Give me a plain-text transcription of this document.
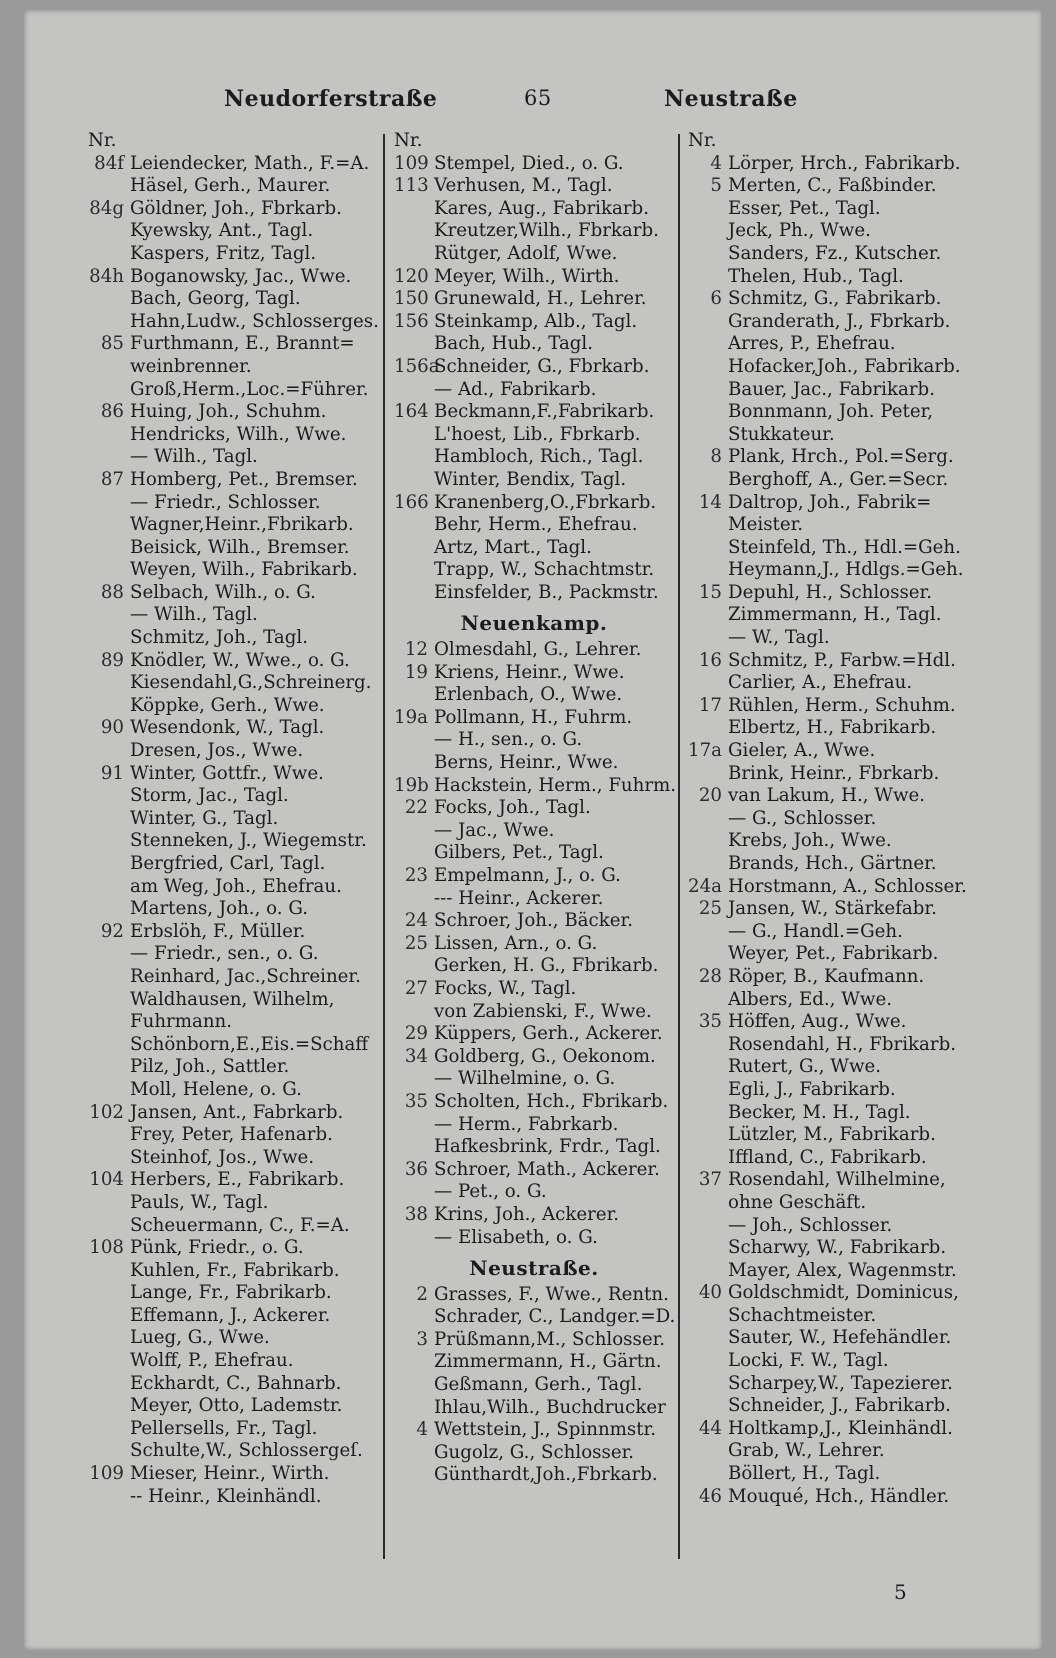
Neudorferstraße	65	Neustraße
Nr.
84f Leiendecker, Math., F.=A.
Häsel, Gerh., Maurer.
84g Göldner, Joh., Fbrkarb.
Kyewsky, Ant., Tagl.
Kaspers, Fritz, Tagl.
84h Boganowsky, Jac., Wwe.
Bach, Georg, Tagl.
Hahn,Ludw., Schlosserges.
85 Furthmann, E., Brannt=
weinbrenner.
Groß,Herm.,Loc.=Führer.
86 Huing, Joh., Schuhm.
Hendricks, Wilh., Wwe.
— Wilh., Tagl.
87 Homberg, Pet., Bremser.
— Friedr., Schlosser.
Wagner,Heinr.,Fbrikarb.
Beisick, Wilh., Bremser.
Weyen, Wilh., Fabrikarb.
88 Selbach, Wilh., o. G.
— Wilh., Tagl.
Schmitz, Joh., Tagl.
89 Knödler, W., Wwe., o. G.
Kiesendahl,G.,Schreinerg.
Köppke, Gerh., Wwe.
90 Wesendonk, W., Tagl.
Dresen, Jos., Wwe.
91 Winter, Gottfr., Wwe.
Storm, Jac., Tagl.
Winter, G., Tagl.
Stenneken, J., Wiegemstr.
Bergfried, Carl, Tagl.
am Weg, Joh., Ehefrau.
Martens, Joh., o. G.
92 Erbslöh, F., Müller.
— Friedr., sen., o. G.
Reinhard, Jac.,Schreiner.
Waldhausen, Wilhelm,
Fuhrmann.
Schönborn,E.,Eis.=Schaff
Pilz, Joh., Sattler.
Moll, Helene, o. G.
102 Jansen, Ant., Fabrkarb.
Frey, Peter, Hafenarb.
Steinhof, Jos., Wwe.
104 Herbers, E., Fabrikarb.
Pauls, W., Tagl.
Scheuermann, C., F.=A.
108 Pünk, Friedr., o. G.
Kuhlen, Fr., Fabrikarb.
Lange, Fr., Fabrikarb.
Effemann, J., Ackerer.
Lueg, G., Wwe.
Wolff, P., Ehefrau.
Eckhardt, C., Bahnarb.
Meyer, Otto, Lademstr.
Pellersells, Fr., Tagl.
Schulte,W., Schlossergeſ.
109 Mieser, Heinr., Wirth.
-- Heinr., Kleinhändl.
Nr.
109 Stempel, Died., o. G.
113 Verhusen, M., Tagl.
Kares, Aug., Fabrikarb.
Kreutzer,Wilh., Fbrkarb.
Rütger, Adolf, Wwe.
120 Meyer, Wilh., Wirth.
150 Grunewald, H., Lehrer.
156 Steinkamp, Alb., Tagl.
Bach, Hub., Tagl.
156a
Schneider, G., Fbrkarb.
— Ad., Fabrikarb.
164 Beckmann,F.,Fabrikarb.
L'hoest, Lib., Fbrkarb.
Hambloch, Rich., Tagl.
Winter, Bendix, Tagl.
166 Kranenberg,O.,Fbrkarb.
Behr, Herm., Ehefrau.
Artz, Mart., Tagl.
Trapp, W., Schachtmstr.
Einsfelder, B., Packmstr.
Neuenkamp.
12 Olmesdahl, G., Lehrer.
19 Kriens, Heinr., Wwe.
Erlenbach, O., Wwe.
19a Pollmann, H., Fuhrm.
— H., sen., o. G.
Berns, Heinr., Wwe.
19b Hackstein, Herm., Fuhrm.
22 Focks, Joh., Tagl.
— Jac., Wwe.
Gilbers, Pet., Tagl.
23 Empelmann, J., o. G.
--- Heinr., Ackerer.
24 Schroer, Joh., Bäcker.
25 Lissen, Arn., o. G.
Gerken, H. G., Fbrikarb.
27 Focks, W., Tagl.
von Zabienski, F., Wwe.
29 Küppers, Gerh., Ackerer.
34 Goldberg, G., Oekonom.
— Wilhelmine, o. G.
35 Scholten, Hch., Fbrikarb.
— Herm., Fabrkarb.
Hafkesbrink, Frdr., Tagl.
36 Schroer, Math., Ackerer.
— Pet., o. G.
38 Krins, Joh., Ackerer.
— Elisabeth, o. G.
Neustraße.
2 Grasses, F., Wwe., Rentn.
Schrader, C., Landger.=D.
3 Prüßmann,M., Schlosser.
Zimmermann, H., Gärtn.
Geßmann, Gerh., Tagl.
Ihlau,Wilh., Buchdrucker
4 Wettstein, J., Spinnmstr.
Gugolz, G., Schlosser.
Günthardt,Joh.,Fbrkarb.
Nr.
4 Lörper, Hrch., Fabrikarb.
5 Merten, C., Faßbinder.
Esser, Pet., Tagl.
Jeck, Ph., Wwe.
Sanders, Fz., Kutscher.
Thelen, Hub., Tagl.
6 Schmitz, G., Fabrikarb.
Granderath, J., Fbrkarb.
Arres, P., Ehefrau.
Hofacker,Joh., Fabrikarb.
Bauer, Jac., Fabrikarb.
Bonnmann, Joh. Peter,
Stukkateur.
8 Plank, Hrch., Pol.=Serg.
Berghoff, A., Ger.=Secr.
14 Daltrop, Joh., Fabrik=
Meister.
Steinfeld, Th., Hdl.=Geh.
Heymann,J., Hdlgs.=Geh.
15 Depuhl, H., Schlosser.
Zimmermann, H., Tagl.
— W., Tagl.
16 Schmitz, P., Farbw.=Hdl.
Carlier, A., Ehefrau.
17 Rühlen, Herm., Schuhm.
Elbertz, H., Fabrikarb.
17a Gieler, A., Wwe.
Brink, Heinr., Fbrkarb.
20 van Lakum, H., Wwe.
— G., Schlosser.
Krebs, Joh., Wwe.
Brands, Hch., Gärtner.
24a Horstmann, A., Schlosser.
25 Jansen, W., Stärkefabr.
— G., Handl.=Geh.
Weyer, Pet., Fabrikarb.
28 Röper, B., Kaufmann.
Albers, Ed., Wwe.
35 Höffen, Aug., Wwe.
Rosendahl, H., Fbrikarb.
Rutert, G., Wwe.
Egli, J., Fabrikarb.
Becker, M. H., Tagl.
Lützler, M., Fabrikarb.
Iffland, C., Fabrikarb.
37 Rosendahl, Wilhelmine,
ohne Geschäft.
— Joh., Schlosser.
Scharwy, W., Fabrikarb.
Mayer, Alex, Wagenmstr.
40 Goldschmidt, Dominicus,
Schachtmeister.
Sauter, W., Hefehändler.
Locki, F. W., Tagl.
Scharpey,W., Tapezierer.
Schneider, J., Fabrikarb.
44 Holtkamp,J., Kleinhändl.
Grab, W., Lehrer.
Böllert, H., Tagl.
46 Mouqué, Hch., Händler.
5
